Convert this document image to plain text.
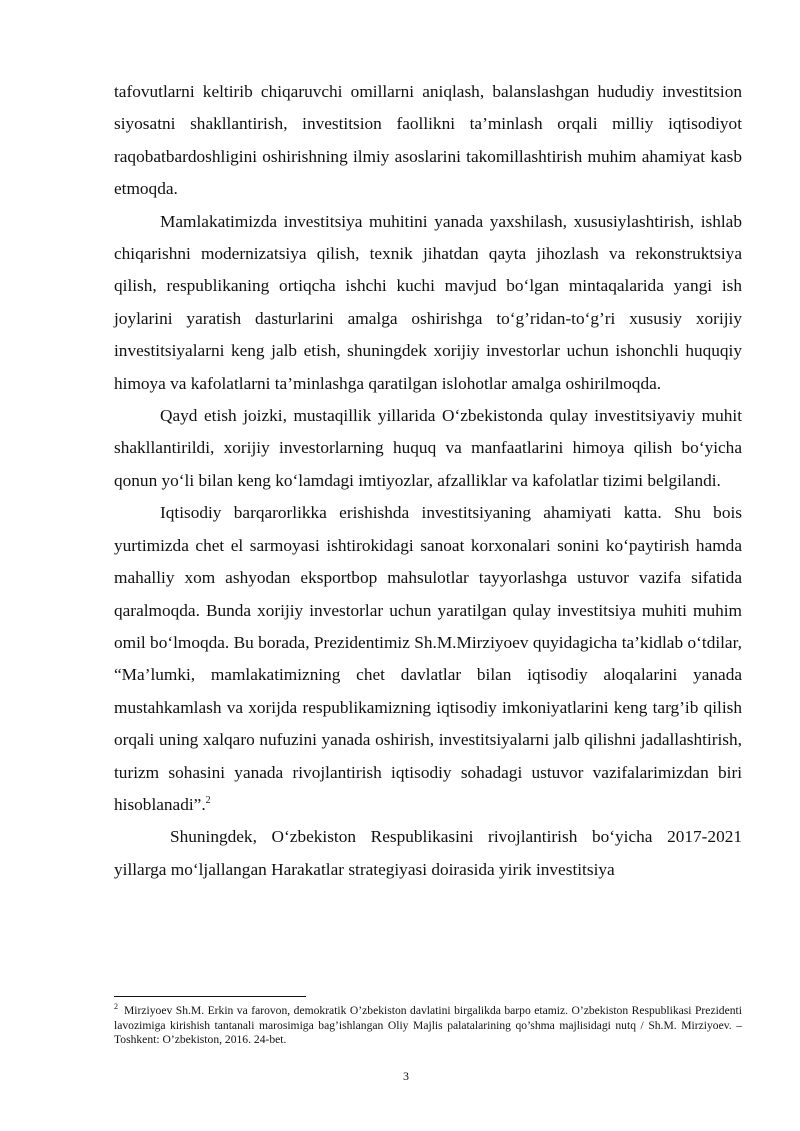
tafovutlarni keltirib chiqaruvchi omillarni aniqlash, balanslashgan hududiy investitsion siyosatni shakllantirish, investitsion faollikni ta’minlash orqali milliy iqtisodiyot raqobatbardoshligini oshirishning ilmiy asoslarini takomillashtirish muhim ahamiyat kasb etmoqda.

Mamlakatimizda investitsiya muhitini yanada yaxshilash, xususiylashtirish, ishlab chiqarishni modernizatsiya qilish, texnik jihatdan qayta jihozlash va rekonstruktsiya qilish, respublikaning ortiqcha ishchi kuchi mavjud bo‘lgan mintaqalarida yangi ish joylarini yaratish dasturlarini amalga oshirishga to‘g’ridan-to‘g’ri xususiy xorijiy investitsiyalarni keng jalb etish, shuningdek xorijiy investorlar uchun ishonchli huquqiy himoya va kafolatlarni ta’minlashga qaratilgan islohotlar amalga oshirilmoqda.

Qayd etish joizki, mustaqillik yillarida O‘zbekistonda qulay investitsiyaviy muhit shakllantirildi, xorijiy investorlarning huquq va manfaatlarini himoya qilish bo‘yicha qonun yo‘li bilan keng ko‘lamdagi imtiyozlar, afzalliklar va kafolatlar tizimi belgilandi.

Iqtisodiy barqarorlikka erishishda investitsiyaning ahamiyati katta. Shu bois yurtimizda chet el sarmoyasi ishtirokidagi sanoat korxonalari sonini ko‘paytirish hamda mahalliy xom ashyodan eksportbop mahsulotlar tayyorlashga ustuvor vazifa sifatida qaralmoqda. Bunda xorijiy investorlar uchun yaratilgan qulay investitsiya muhiti muhim omil bo‘lmoqda. Bu borada, Prezidentimiz Sh.M.Mirziyoev quyidagicha ta’kidlab o‘tdilar, “Ma’lumki, mamlakatimizning chet davlatlar bilan iqtisodiy aloqalarini yanada mustahkamlash va xorijda respublikamizning iqtisodiy imkoniyatlarini keng targ’ib qilish orqali uning xalqaro nufuzini yanada oshirish, investitsiyalarni jalb qilishni jadallashtirish, turizm sohasini yanada rivojlantirish iqtisodiy sohadagi ustuvor vazifalarimizdan biri hisoblanadi”.$^2$

Shuningdek, O‘zbekiston Respublikasini rivojlantirish bo‘yicha 2017-2021 yillarga mo‘ljallangan Harakatlar strategiyasi doirasida yirik investitsiya

$^2$ Mirziyoev Sh.M. Erkin va farovon, demokratik O’zbekiston davlatini birgalikda barpo etamiz. O’zbekiston Respublikasi Prezidenti lavozimiga kirishish tantanali marosimiga bag’ishlangan Oliy Majlis palatalarining qo’shma majlisidagi nutq / Sh.M. Mirziyoev. – Toshkent: O’zbekiston, 2016. 24-bet.
3
